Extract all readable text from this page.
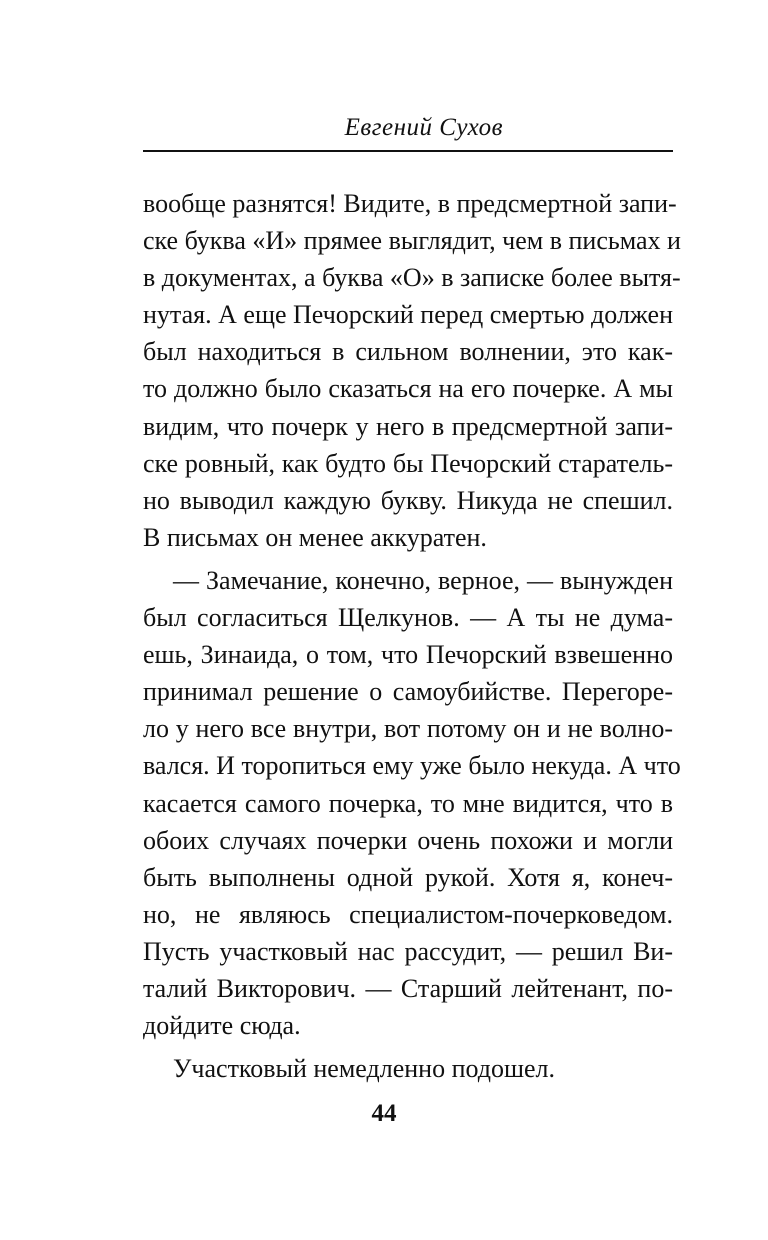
Евгений Сухов
вообще разнятся! Видите, в предсмертной запи-
ске буква «И» прямее выглядит, чем в письмах и
в документах, а буква «О» в записке более вытя-
нутая. А еще Печорский перед смертью должен
был находиться в сильном волнении, это как-
то должно было сказаться на его почерке. А мы
видим, что почерк у него в предсмертной запи-
ске ровный, как будто бы Печорский старатель-
но выводил каждую букву. Никуда не спешил.
В письмах он менее аккуратен.
— Замечание, конечно, верное, — вынужден
был согласиться Щелкунов. — А ты не дума-
ешь, Зинаида, о том, что Печорский взвешенно
принимал решение о самоубийстве. Перегоре-
ло у него все внутри, вот потому он и не волно-
вался. И торопиться ему уже было некуда. А что
касается самого почерка, то мне видится, что в
обоих случаях почерки очень похожи и могли
быть выполнены одной рукой. Хотя я, конеч-
но, не являюсь специалистом-почерковедом.
Пусть участковый нас рассудит, — решил Ви-
талий Викторович. — Старший лейтенант, по-
дойдите сюда.
Участковый немедленно подошел.
44
